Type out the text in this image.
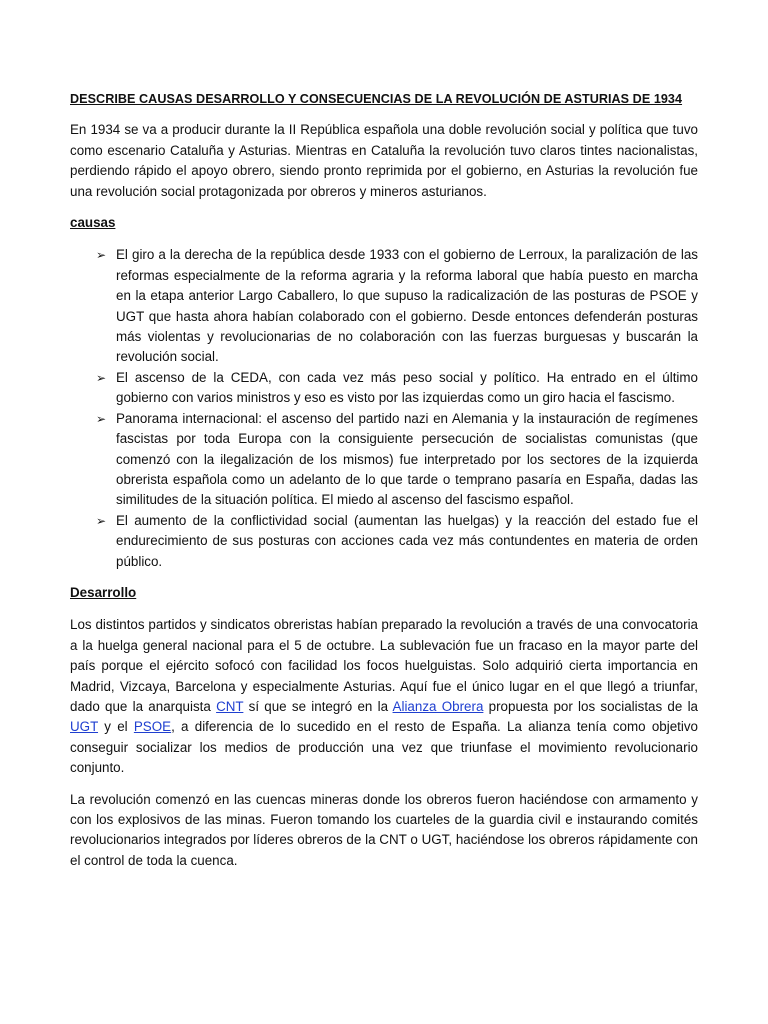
DESCRIBE CAUSAS DESARROLLO Y CONSECUENCIAS DE LA REVOLUCIÓN DE ASTURIAS DE 1934

En 1934 se va a producir durante la II República española una doble revolución social y política que tuvo como escenario Cataluña y Asturias. Mientras en Cataluña la revolución tuvo claros tintes nacionalistas, perdiendo rápido el apoyo obrero, siendo pronto reprimida por el gobierno, en Asturias la revolución fue una revolución social protagonizada por obreros y mineros asturianos.

causas
➢ El giro a la derecha de la república desde 1933 con el gobierno de Lerroux, la paralización de las reformas especialmente de la reforma agraria y la reforma laboral que había puesto en marcha en la etapa anterior Largo Caballero, lo que supuso la radicalización de las posturas de PSOE y UGT que hasta ahora habían colaborado con el gobierno. Desde entonces defenderán posturas más violentas y revolucionarias de no colaboración con las fuerzas burguesas y buscarán la revolución social.
➢ El ascenso de la CEDA, con cada vez más peso social y político. Ha entrado en el último gobierno con varios ministros y eso es visto por las izquierdas como un giro hacia el fascismo.
➢ Panorama internacional: el ascenso del partido nazi en Alemania y la instauración de regímenes fascistas por toda Europa con la consiguiente persecución de socialistas comunistas (que comenzó con la ilegalización de los mismos) fue interpretado por los sectores de la izquierda obrerista española como un adelanto de lo que tarde o temprano pasaría en España, dadas las similitudes de la situación política. El miedo al ascenso del fascismo español.
➢ El aumento de la conflictividad social (aumentan las huelgas) y la reacción del estado fue el endurecimiento de sus posturas con acciones cada vez más contundentes en materia de orden público.
Desarrollo

Los distintos partidos y sindicatos obreristas habían preparado la revolución a través de una convocatoria a la huelga general nacional para el 5 de octubre. La sublevación fue un fracaso en la mayor parte del país porque el ejército sofocó con facilidad los focos huelguistas. Solo adquirió cierta importancia en Madrid, Vizcaya, Barcelona y especialmente Asturias. Aquí fue el único lugar en el que llegó a triunfar, dado que la anarquista CNT sí que se integró en la Alianza Obrera propuesta por los socialistas de la UGT y el PSOE, a diferencia de lo sucedido en el resto de España. La alianza tenía como objetivo conseguir socializar los medios de producción una vez que triunfase el movimiento revolucionario conjunto.

La revolución comenzó en las cuencas mineras donde los obreros fueron haciéndose con armamento y con los explosivos de las minas. Fueron tomando los cuarteles de la guardia civil e instaurando comités revolucionarios integrados por líderes obreros de la CNT o UGT, haciéndose los obreros rápidamente con el control de toda la cuenca.
